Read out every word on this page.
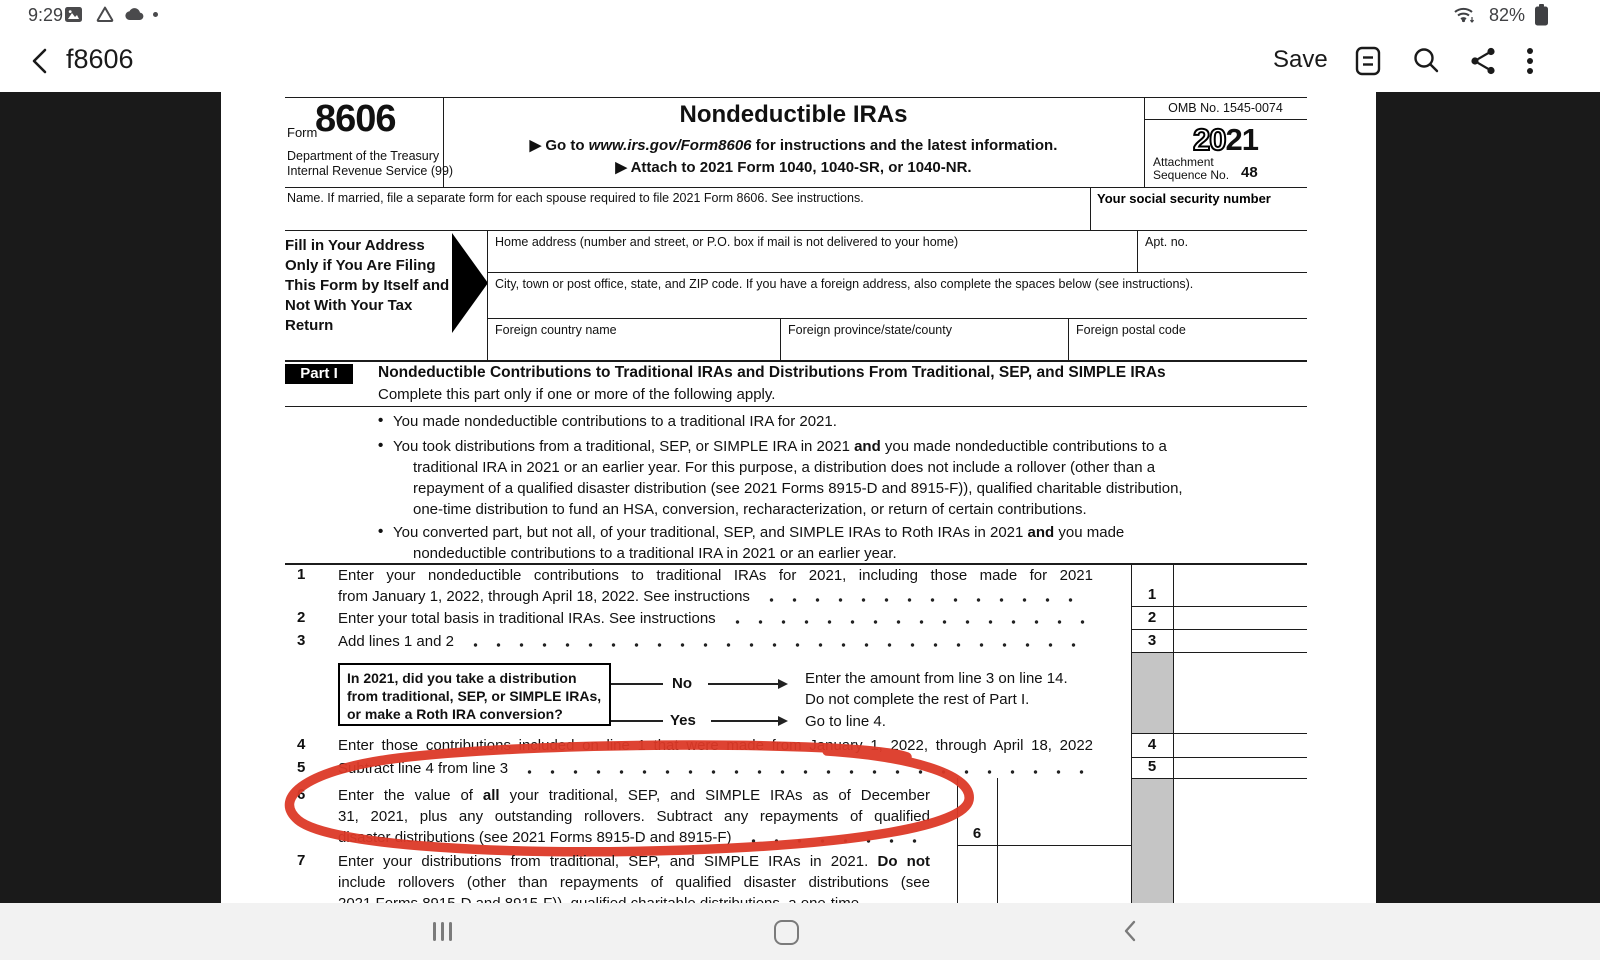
9:29	82%
f8606	Save
Form
8606
Department of the Treasury
Internal Revenue Service (99)
Nondeductible IRAs
▶ Go to www.irs.gov/Form8606 for instructions and the latest information.
▶ Attach to 2021 Form 1040, 1040-SR, or 1040-NR.
OMB No. 1545-0074
2021
Attachment
Sequence No. 48
Name. If married, file a separate form for each spouse required to file 2021 Form 8606. See instructions.	Your social security number
Fill in Your Address Only if You Are Filing This Form by Itself and Not With Your Tax Return
Home address (number and street, or P.O. box if mail is not delivered to your home)	Apt. no.
City, town or post office, state, and ZIP code. If you have a foreign address, also complete the spaces below (see instructions).
Foreign country name	Foreign province/state/county	Foreign postal code
Part I	Nondeductible Contributions to Traditional IRAs and Distributions From Traditional, SEP, and SIMPLE IRAs
Complete this part only if one or more of the following apply.
• You made nondeductible contributions to a traditional IRA for 2021.
• You took distributions from a traditional, SEP, or SIMPLE IRA in 2021 and you made nondeductible contributions to a
traditional IRA in 2021 or an earlier year. For this purpose, a distribution does not include a rollover (other than a
repayment of a qualified disaster distribution (see 2021 Forms 8915-D and 8915-F)), qualified charitable distribution,
one-time distribution to fund an HSA, conversion, recharacterization, or return of certain contributions.
• You converted part, but not all, of your traditional, SEP, and SIMPLE IRAs to Roth IRAs in 2021 and you made
nondeductible contributions to a traditional IRA in 2021 or an earlier year.
1	Enter your nondeductible contributions to traditional IRAs for 2021, including those made for 2021
from January 1, 2022, through April 18, 2022. See instructions	1
2	Enter your total basis in traditional IRAs. See instructions	2
3	Add lines 1 and 2	3
In 2021, did you take a distribution
from traditional, SEP, or SIMPLE IRAs,
or make a Roth IRA conversion?
No	Enter the amount from line 3 on line 14.
Do not complete the rest of Part I.
Yes	Go to line 4.
4	Enter those contributions included on line 1 that were made from January 1, 2022, through April 18, 2022	4
5	Subtract line 4 from line 3	5
6	Enter the value of all your traditional, SEP, and SIMPLE IRAs as of December
31, 2021, plus any outstanding rollovers. Subtract any repayments of qualified
disaster distributions (see 2021 Forms 8915-D and 8915-F)	6
7	Enter your distributions from traditional, SEP, and SIMPLE IRAs in 2021. Do not
include rollovers (other than repayments of qualified disaster distributions (see
